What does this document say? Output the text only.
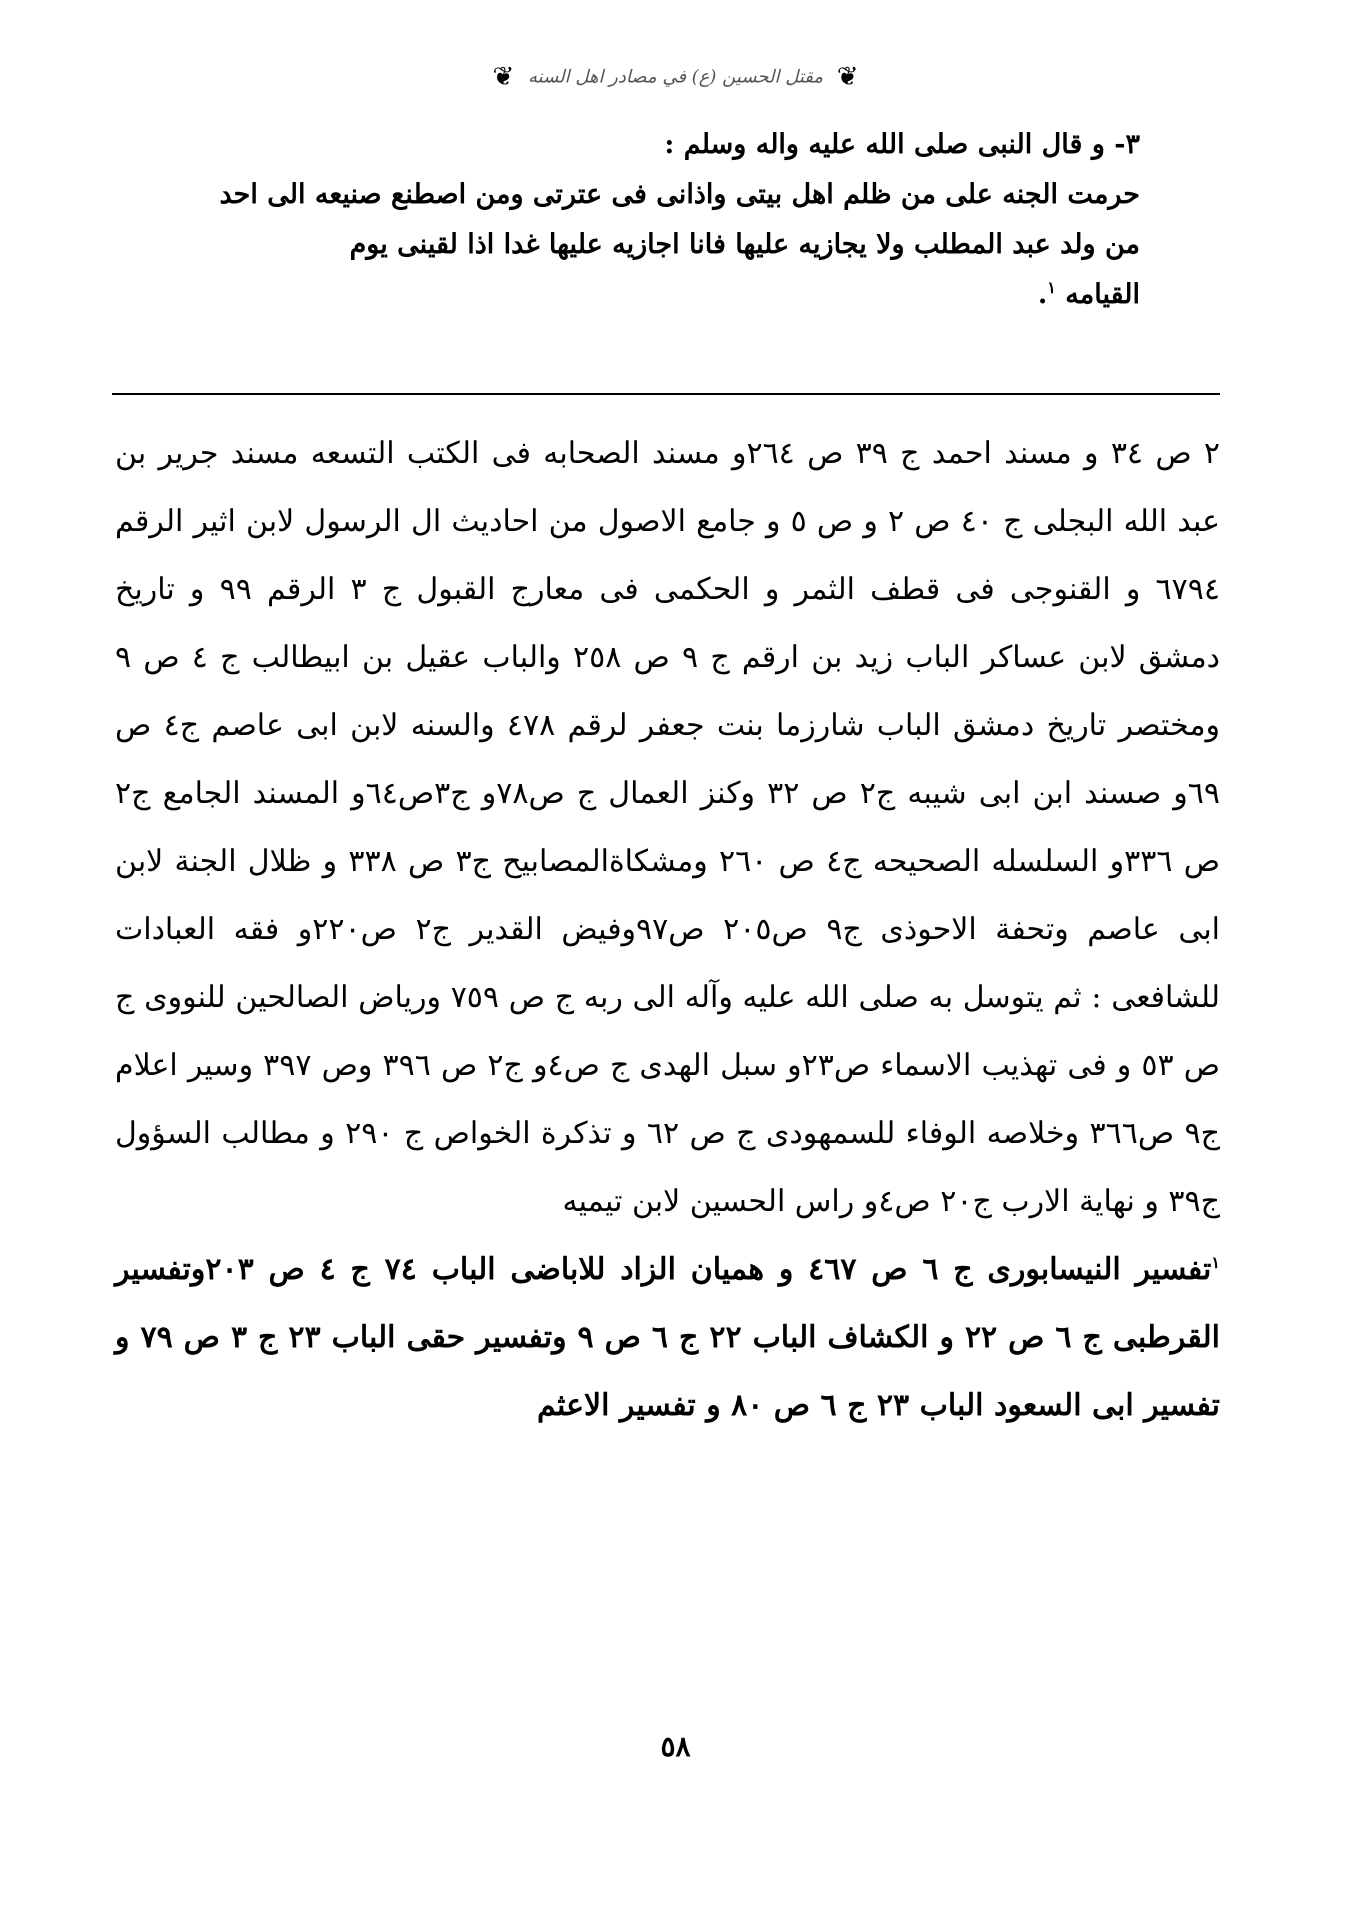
❦ مقتل الحسين (ع) في مصادر اهل السنه ❦

٣- و قال النبى صلى الله عليه واله وسلم :

حرمت الجنه على من ظلم اهل بيتى واذانى فى عترتى ومن اصطنع صنيعه الى احد

من ولد عبد المطلب ولا يجازيه عليها فانا اجازيه عليها غدا اذا لقينى يوم

القيامه $^١$.

٢ ص ٣٤ و مسند احمد ج ٣٩ ص ٢٦٤و مسند الصحابه فى الكتب التسعه مسند جرير بن عبد الله البجلى ج ٤٠ ص ٢ و ص ٥ و جامع الاصول من احاديث ال الرسول لابن اثير الرقم ٦٧٩٤ و القنوجى فى قطف الثمر و الحكمى فى معارج القبول ج ٣ الرقم ٩٩ و تاريخ دمشق لابن عساكر الباب زيد بن ارقم ج ٩ ص ٢٥٨ والباب عقيل بن ابيطالب ج ٤ ص ٩ ومختصر تاريخ دمشق الباب شارزما بنت جعفر لرقم ٤٧٨ والسنه لابن ابى عاصم ج٤ ص ٦٩و صسند ابن ابى شيبه ج٢ ص ٣٢ وكنز العمال ج ص٧٨و ج٣ص٦٤و المسند الجامع ج٢ ص ٣٣٦و السلسله الصحيحه ج٤ ص ٢٦٠ ومشكاةالمصابيح ج٣ ص ٣٣٨ و ظلال الجنة لابن ابى عاصم وتحفة الاحوذى ج٩ ص٢٠٥ ص٩٧وفيض القدير ج٢ ص٢٢٠و فقه العبادات للشافعى : ثم يتوسل به صلى الله عليه وآله الى ربه ج ص ٧٥٩ ورياض الصالحين للنووى ج ص ٥٣ و فى تهذيب الاسماء ص٢٣و سبل الهدى ج ص٤و ج٢ ص ٣٩٦ وص ٣٩٧ وسير اعلام ج٩ ص٣٦٦ وخلاصه الوفاء للسمهودى ج ص ٦٢ و تذكرة الخواص ج ٢٩٠ و مطالب السؤول ج٣٩ و نهاية الارب ج٢٠ ص٤و راس الحسين لابن تيميه

$^١$تفسير النيسابورى ج ٦ ص ٤٦٧ و هميان الزاد للاباضى الباب ٧٤ ج ٤ ص ٢٠٣وتفسير القرطبى ج ٦ ص ٢٢ و الكشاف الباب ٢٢ ج ٦ ص ٩ وتفسير حقى الباب ٢٣ ج ٣ ص ٧٩ و تفسير ابى السعود الباب ٢٣ ج ٦ ص ٨٠ و تفسير الاعثم

٥٨
